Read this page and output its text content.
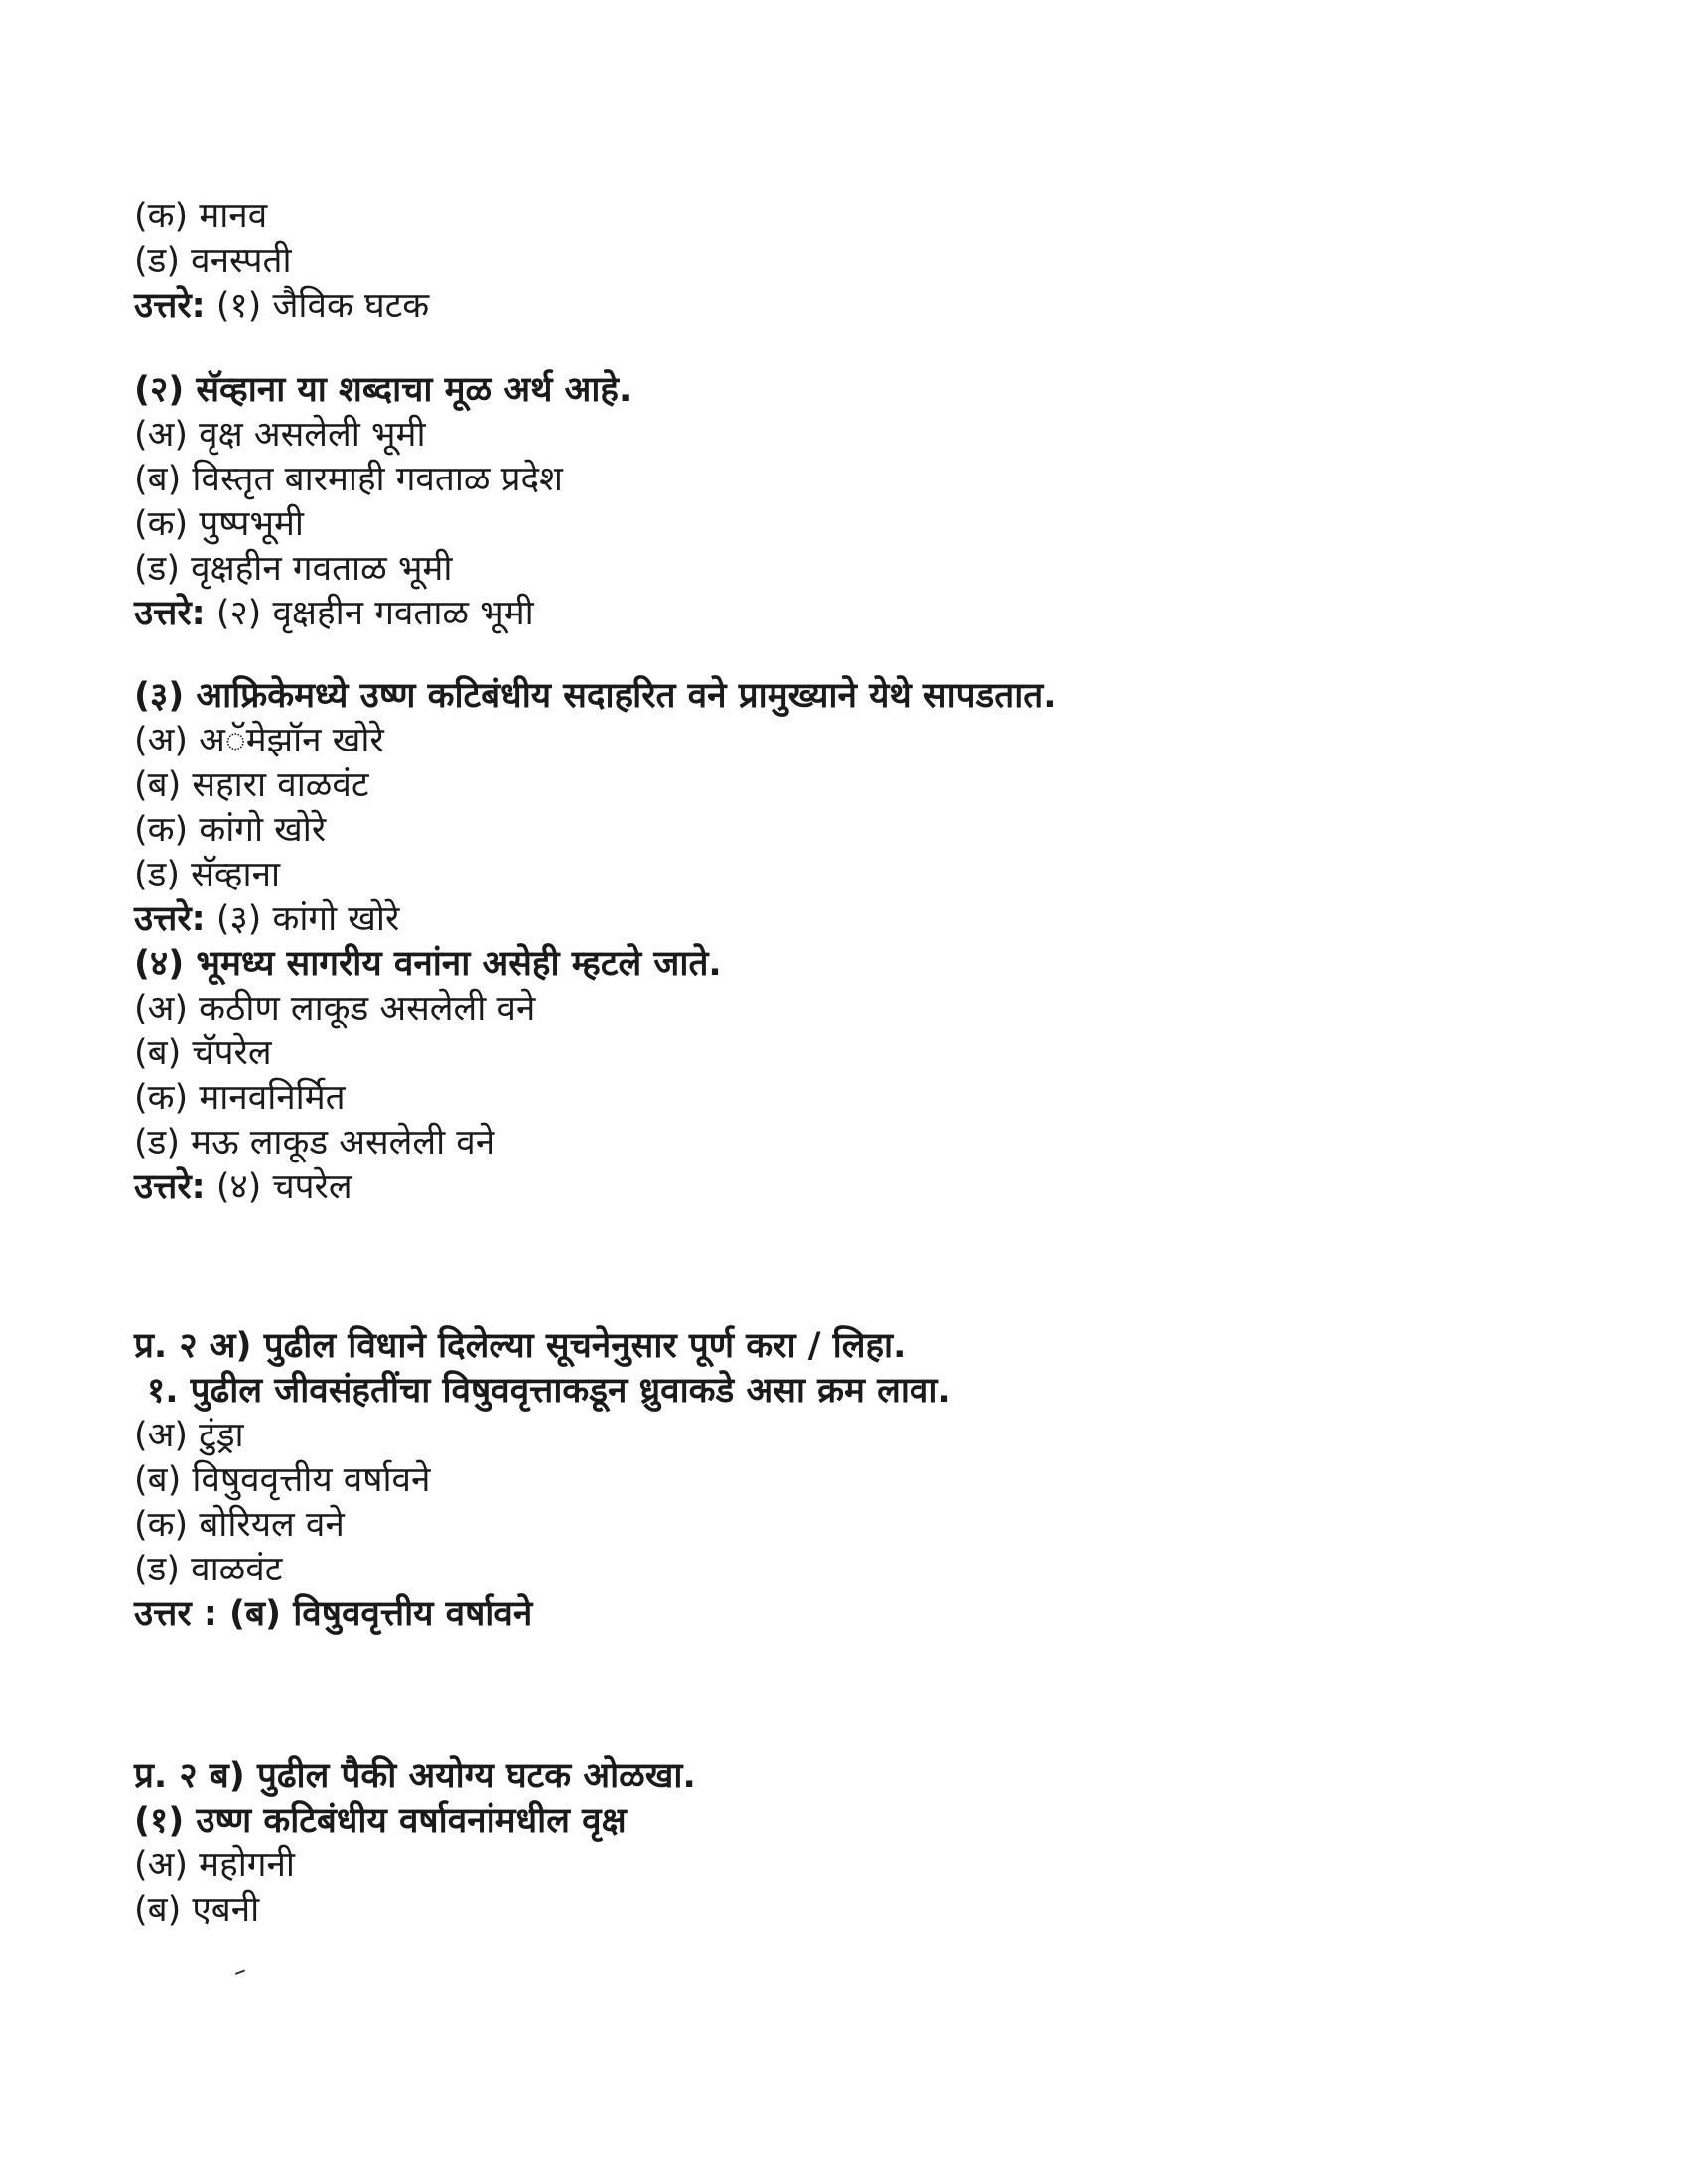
(क) मानव
(ड) वनस्पती
उत्तरे: (१) जैविक घटक
(२) सॅव्हाना या शब्दाचा मूळ अर्थ आहे.
(अ) वृक्ष असलेली भूमी
(ब) विस्तृत बारमाही गवताळ प्रदेश
(क) पुष्पभूमी
(ड) वृक्षहीन गवताळ भूमी
उत्तरे: (२) वृक्षहीन गवताळ भूमी
(३) आफ्रिकेमध्ये उष्ण कटिबंधीय सदाहरित वने प्रामुख्याने येथे सापडतात.
(अ) अॅमेझॉन खोरे
(ब) सहारा वाळवंट
(क) कांगो खोरे
(ड) सॅव्हाना
उत्तरे: (३) कांगो खोरे
(४) भूमध्य सागरीय वनांना असेही म्हटले जाते.
(अ) कठीण लाकूड असलेली वने
(ब) चॅपरेल
(क) मानवनिर्मित
(ड) मऊ लाकूड असलेली वने
उत्तरे: (४) चपरेल
प्र. २ अ) पुढील विधाने दिलेल्या सूचनेनुसार पूर्ण करा / लिहा.
१. पुढील जीवसंहतींचा विषुववृत्ताकडून ध्रुवाकडे असा क्रम लावा.
(अ) टुंड्रा
(ब) विषुववृत्तीय वर्षावने
(क) बोरियल वने
(ड) वाळवंट
उत्तर : (ब) विषुववृत्तीय वर्षावने
प्र. २ ब) पुढील पैकी अयोग्य घटक ओळखा.
(१) उष्ण कटिबंधीय वर्षावनांमधील वृक्ष
(अ) महोगनी
(ब) एबनी
